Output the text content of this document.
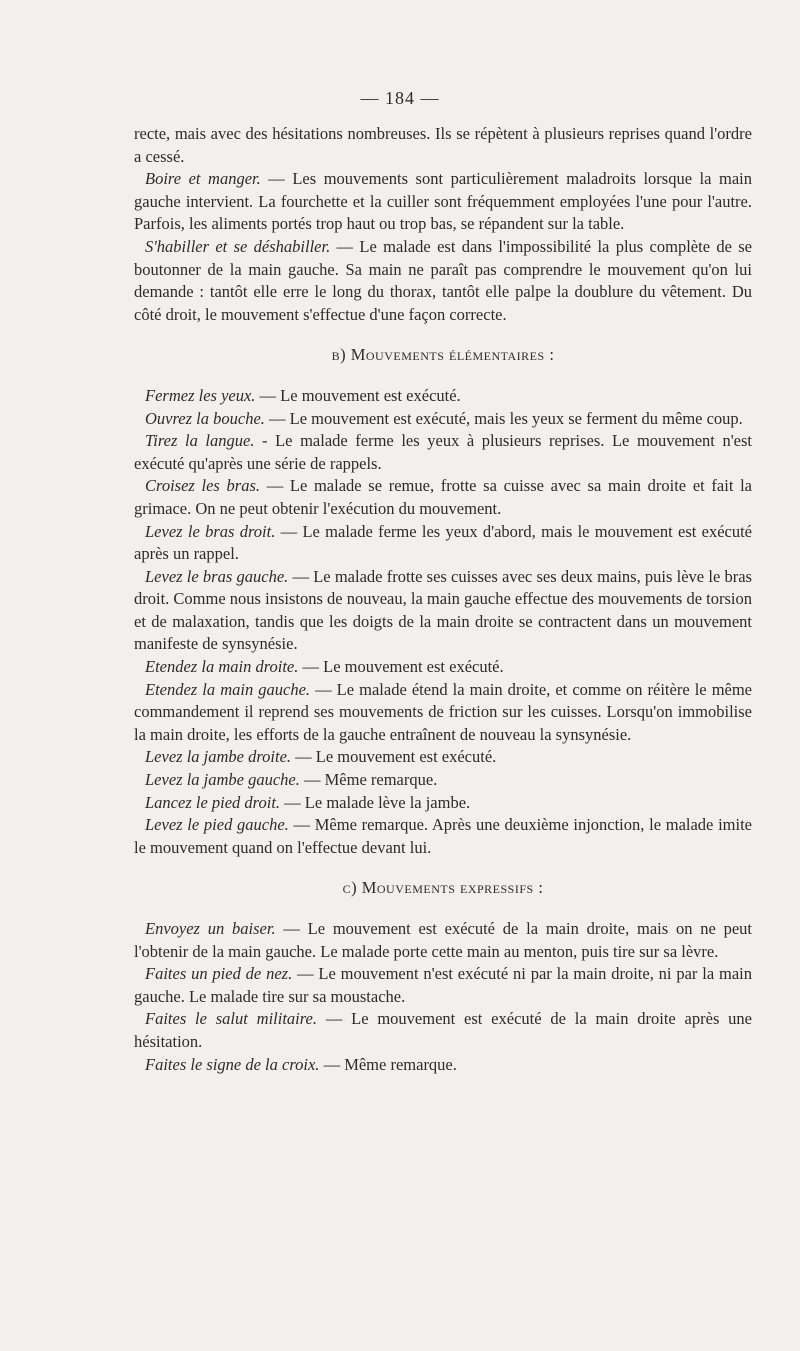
— 184 —

recte, mais avec des hésitations nombreuses. Ils se répètent à plusieurs reprises quand l'ordre a cessé.

Boire et manger. — Les mouvements sont particulièrement maladroits lorsque la main gauche intervient. La fourchette et la cuiller sont fréquemment employées l'une pour l'autre. Parfois, les aliments portés trop haut ou trop bas, se répandent sur la table.

S'habiller et se déshabiller. — Le malade est dans l'impossibilité la plus complète de se boutonner de la main gauche. Sa main ne paraît pas comprendre le mouvement qu'on lui demande : tantôt elle erre le long du thorax, tantôt elle palpe la doublure du vêtement. Du côté droit, le mouvement s'effectue d'une façon correcte.

b) Mouvements élémentaires :

Fermez les yeux. — Le mouvement est exécuté.

Ouvrez la bouche. — Le mouvement est exécuté, mais les yeux se ferment du même coup.

Tirez la langue. - Le malade ferme les yeux à plusieurs reprises. Le mouvement n'est exécuté qu'après une série de rappels.

Croisez les bras. — Le malade se remue, frotte sa cuisse avec sa main droite et fait la grimace. On ne peut obtenir l'exécution du mouvement.

Levez le bras droit. — Le malade ferme les yeux d'abord, mais le mouvement est exécuté après un rappel.

Levez le bras gauche. — Le malade frotte ses cuisses avec ses deux mains, puis lève le bras droit. Comme nous insistons de nouveau, la main gauche effectue des mouvements de torsion et de malaxation, tandis que les doigts de la main droite se contractent dans un mouvement manifeste de synsynésie.

Etendez la main droite. — Le mouvement est exécuté.

Etendez la main gauche. — Le malade étend la main droite, et comme on réitère le même commandement il reprend ses mouvements de friction sur les cuisses. Lorsqu'on immobilise la main droite, les efforts de la gauche entraînent de nouveau la synsynésie.

Levez la jambe droite. — Le mouvement est exécuté.

Levez la jambe gauche. — Même remarque.

Lancez le pied droit. — Le malade lève la jambe.

Levez le pied gauche. — Même remarque. Après une deuxième injonction, le malade imite le mouvement quand on l'effectue devant lui.

c) Mouvements expressifs :

Envoyez un baiser. — Le mouvement est exécuté de la main droite, mais on ne peut l'obtenir de la main gauche. Le malade porte cette main au menton, puis tire sur sa lèvre.

Faites un pied de nez. — Le mouvement n'est exécuté ni par la main droite, ni par la main gauche. Le malade tire sur sa moustache.

Faites le salut militaire. — Le mouvement est exécuté de la main droite après une hésitation.

Faites le signe de la croix. — Même remarque.
